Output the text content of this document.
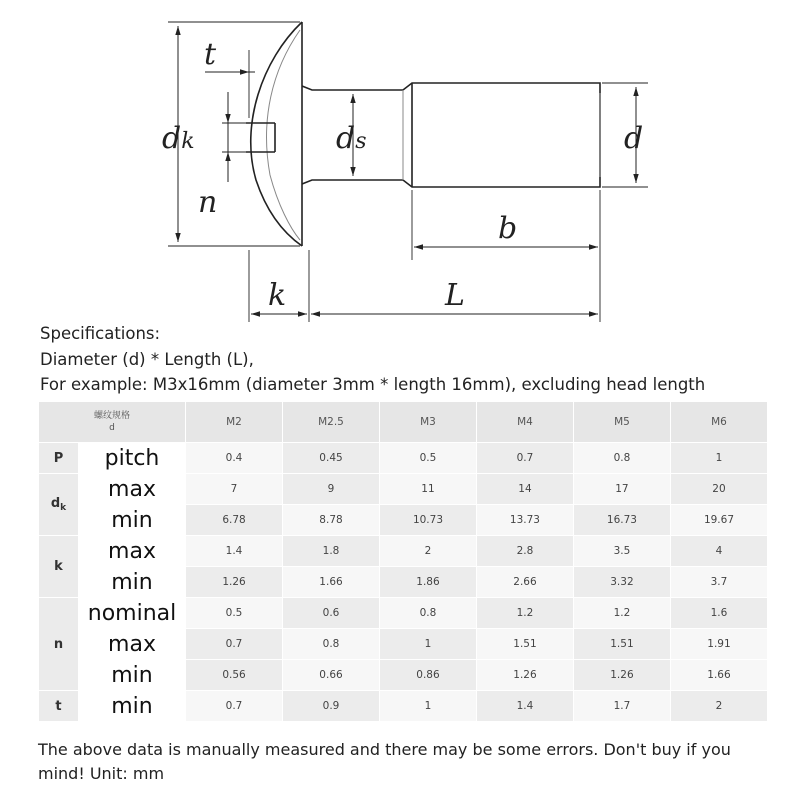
t
dk
n
ds	d
b
k	L
Specifications:
Diameter (d) * Length (L),
For example: M3x16mm (diameter 3mm * length 16mm), excluding head length
螺纹规格
d		M2	M2.5	M3	M4	M5	M6
P	pitch	0.4	0.45	0.5	0.7	0.8	1
$d_k$	max	7	9	11	14	17	20
	min	6.78	8.78	10.73	13.73	16.73	19.67
k	max	1.4	1.8	2	2.8	3.5	4
	min	1.26	1.66	1.86	2.66	3.32	3.7
n	nominal	0.5	0.6	0.8	1.2	1.2	1.6
	max	0.7	0.8	1	1.51	1.51	1.91
	min	0.56	0.66	0.86	1.26	1.26	1.66
t	min	0.7	0.9	1	1.4	1.7	2
The above data is manually measured and there may be some errors. Don't buy if you mind! Unit: mm
